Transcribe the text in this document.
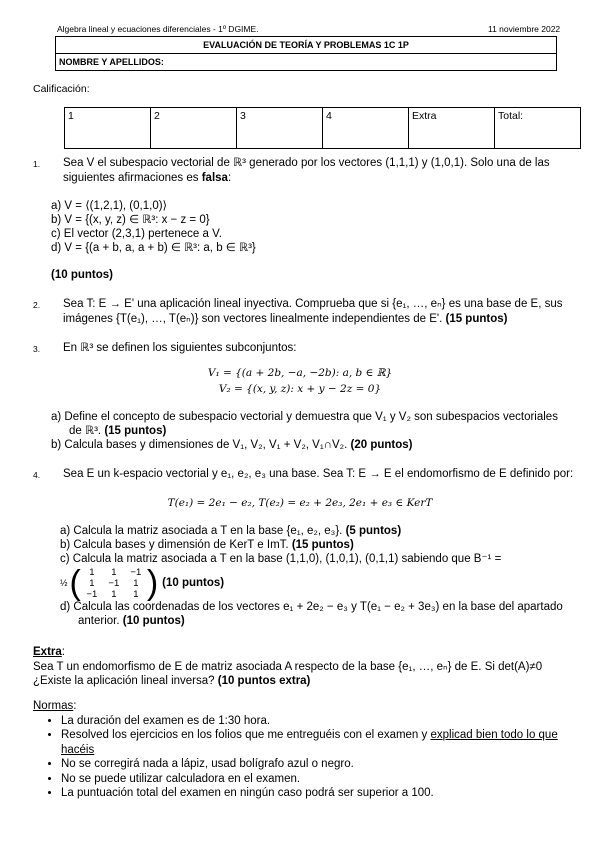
Algebra lineal y ecuaciones diferenciales - 1º DGIME.	11 noviembre 2022
EVALUACIÓN DE TEORÍA Y PROBLEMAS 1C 1P
NOMBRE Y APELLIDOS:
Calificación:
1	2	3	4	Extra	Total:
1. Sea V el subespacio vectorial de ℝ³ generado por los vectores (1,1,1) y (1,0,1). Solo una de las siguientes afirmaciones es falsa:
a) V = ⟨(1,2,1), (0,1,0)⟩
b) V = {(x, y, z) ∈ ℝ³: x − z = 0}
c) El vector (2,3,1) pertenece a V.
d) V = {(a + b, a, a + b) ∈ ℝ³: a, b ∈ ℝ³}
(10 puntos)
2. Sea T: E → E' una aplicación lineal inyectiva. Comprueba que si {e₁, …, eₙ} es una base de E, sus imágenes {T(e₁), …, T(eₙ)} son vectores linealmente independientes de E'. (15 puntos)
3. En ℝ³ se definen los siguientes subconjuntos:
V₁ = {(a + 2b, −a, −2b): a, b ∈ ℝ}
V₂ = {(x, y, z): x + y − 2z = 0}
a) Define el concepto de subespacio vectorial y demuestra que V₁ y V₂ son subespacios vectoriales de ℝ³. (15 puntos)
b) Calcula bases y dimensiones de V₁, V₂, V₁ + V₂, V₁∩V₂. (20 puntos)
4. Sea E un k-espacio vectorial y e₁, e₂, e₃ una base. Sea T: E → E el endomorfismo de E definido por:
T(e₁) = 2e₁ − e₂, T(e₂) = e₂ + 2e₃, 2e₁ + e₃ ∈ KerT
a) Calcula la matriz asociada a T en la base {e₁, e₂, e₃}. (5 puntos)
b) Calcula bases y dimensión de KerT e ImT. (15 puntos)
c) Calcula la matriz asociada a T en la base (1,1,0), (1,0,1), (0,1,1) sabiendo que B⁻¹ =
½ ( 1	1	−1
1	−1	1
−1	1	1 ) (10 puntos)
d) Calcula las coordenadas de los vectores e₁ + 2e₂ − e₃ y T(e₁ − e₂ + 3e₃) en la base del apartado anterior. (10 puntos)
Extra:
Sea T un endomorfismo de E de matriz asociada A respecto de la base {e₁, …, eₙ} de E. Si det(A)≠0 ¿Existe la aplicación lineal inversa? (10 puntos extra)
Normas:
• La duración del examen es de 1:30 hora.
• Resolved los ejercicios en los folios que me entreguéis con el examen y explicad bien todo lo que hacéis
• No se corregirá nada a lápiz, usad bolígrafo azul o negro.
• No se puede utilizar calculadora en el examen.
• La puntuación total del examen en ningún caso podrá ser superior a 100.
